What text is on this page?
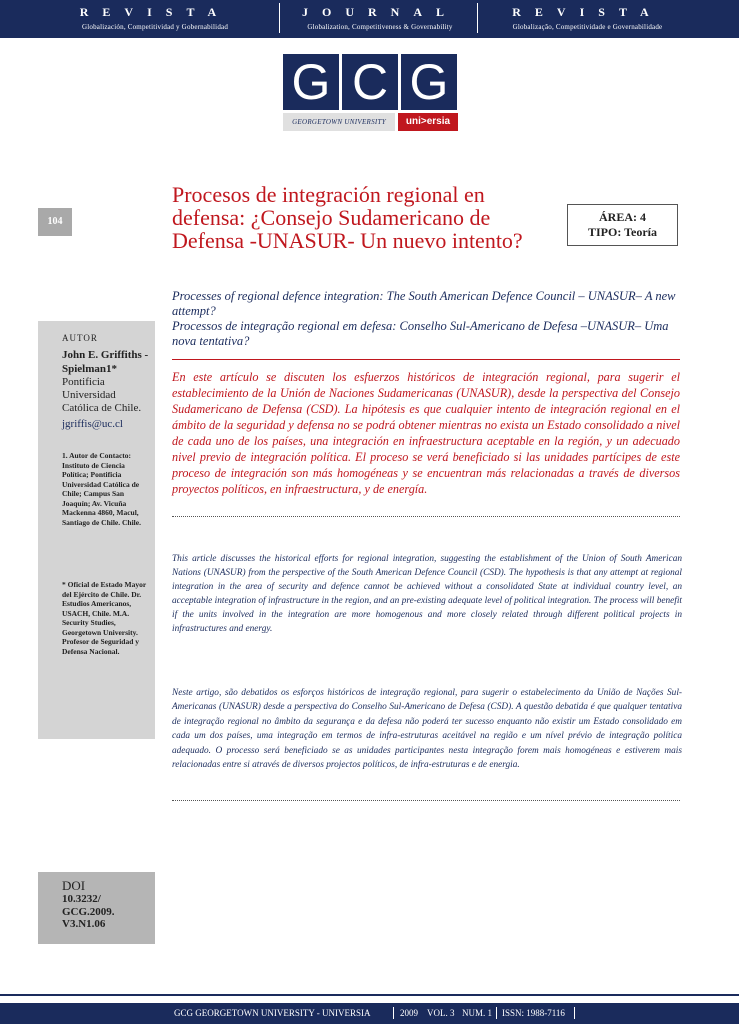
REVISTA
Globalización, Competitividad y Gobernabilidad
JOURNAL
Globalization, Competitiveness & Governability
REVISTA
Globalização, Competitividade e Governabilidade
G C G
GEORGETOWN UNIVERSITY	uni>ersia
104
Procesos de integración regional en defensa: ¿Consejo Sudamericano de Defensa -UNASUR- Un nuevo intento?
ÁREA: 4
TIPO: Teoría
Processes of regional defence integration: The South American Defence Council – UNASUR– A new attempt?
Processos de integração regional em defesa: Conselho Sul-Americano de Defesa –UNASUR– Uma nova tentativa?
AUTOR
John E. Griffiths -Spielman1*
Pontificia Universidad Católica de Chile.
jgriffis@uc.cl
1. Autor de Contacto: Instituto de Ciencia Política; Pontificia Universidad Católica de Chile; Campus San Joaquín; Av. Vicuña Mackenna 4860, Macul, Santiago de Chile. Chile.
* Oficial de Estado Mayor del Ejército de Chile. Dr. Estudios Americanos, USACH, Chile. M.A. Security Studies, Georgetown University. Profesor de Seguridad y Defensa Nacional.
DOI
10.3232/ GCG.2009. V3.N1.06
En este artículo se discuten los esfuerzos históricos de integración regional, para sugerir el establecimiento de la Unión de Naciones Sudamericanas (UNASUR), desde la perspectiva del Consejo Sudamericano de Defensa (CSD). La hipótesis es que cualquier intento de integración regional en el ámbito de la seguridad y defensa no se podrá obtener mientras no exista un Estado consolidado a nivel de cada uno de los países, una integración en infraestructura aceptable en la región, y un adecuado nivel previo de integración política. El proceso se verá beneficiado si las unidades partícipes de este proceso de integración son más homogéneas y se encuentran más relacionadas a través de diversos proyectos políticos, en infraestructura, y de energía.
This article discusses the historical efforts for regional integration, suggesting the establishment of the Union of South American Nations (UNASUR) from the perspective of the South American Defence Council (CSD). The hypothesis is that any attempt at regional integration in the area of security and defence cannot be achieved without a consolidated State at individual country level, an acceptable integration of infrastructure in the region, and an pre-existing adequate level of political integration. The process will benefit if the units involved in the integration are more homogenous and more closely related through different political projects in infrastructures and energy.
Neste artigo, são debatidos os esforços históricos de integração regional, para sugerir o estabelecimento da União de Nações Sul-Americanas (UNASUR) desde a perspectiva do Conselho Sul-Americano de Defesa (CSD). A questão debatida é que qualquer tentativa de integração regional no âmbito da segurança e da defesa não poderá ter sucesso enquanto não existir um Estado consolidado em cada um dos países, uma integração em termos de infra-estruturas aceitável na região e um nível prévio de integração política adequado. O processo será beneficiado se as unidades participantes nesta integração forem mais homogéneas e estiverem mais relacionadas entre si através de diversos projectos políticos, de infra-estruturas e de energia.
GCG GEORGETOWN UNIVERSITY - UNIVERSIA	2009 VOL. 3 NUM. 1 ISSN: 1988-7116
